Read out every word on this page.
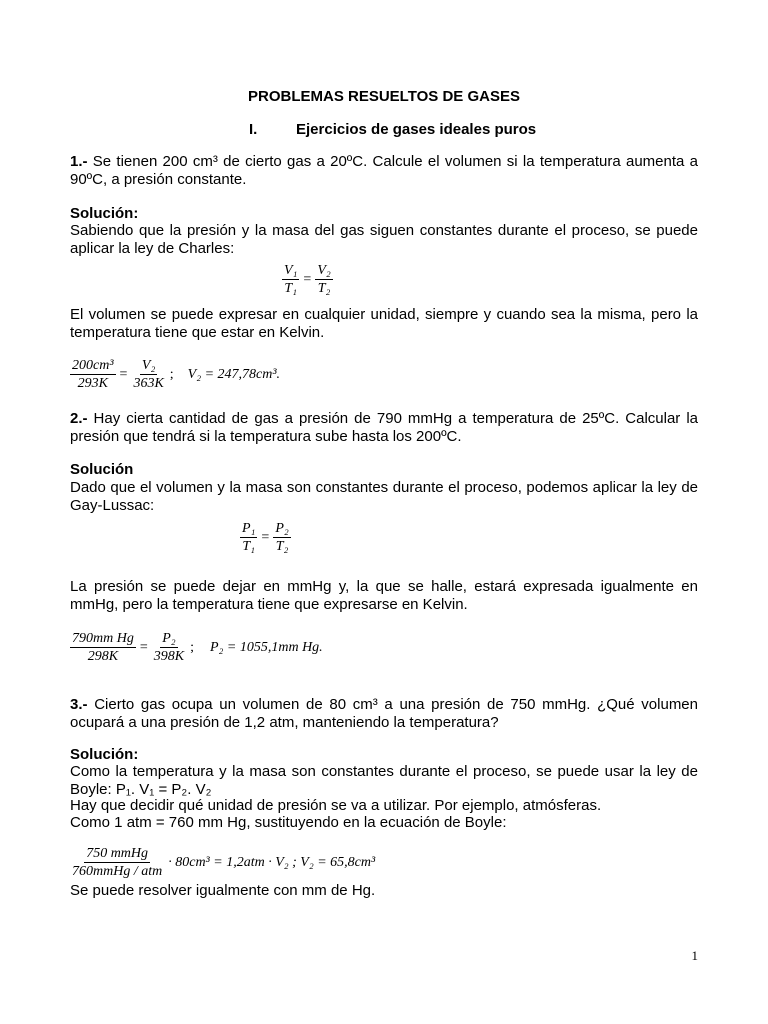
PROBLEMAS RESUELTOS DE GASES
I.	Ejercicios de gases ideales puros
1.- Se tienen 200 cm³ de cierto gas a 20ºC. Calcule el volumen si la temperatura aumenta a 90ºC, a presión constante.
Solución:
Sabiendo que la presión y la masa del gas siguen constantes durante el proceso, se puede aplicar la ley de Charles:
$\frac{\text{V₁}}{\text{T₁}} = \frac{\text{V₂}}{\text{T₂}}$
El volumen se puede expresar en cualquier unidad, siempre y cuando sea la misma, pero la temperatura tiene que estar en Kelvin.
$\frac{\text{200cm³}}{293K} = \frac{\text{V₂}}{363K}$ ; V₂ = 247,78cm³.
2.- Hay cierta cantidad de gas a presión de 790 mmHg a temperatura de 25ºC. Calcular la presión que tendrá si la temperatura sube hasta los 200ºC.
Solución
Dado que el volumen y la masa son constantes durante el proceso, podemos aplicar la ley de Gay-Lussac:
$\frac{\text{P₁}}{\text{T₁}} = \frac{\text{P₂}}{\text{T₂}}$
La presión se puede dejar en mmHg y, la que se halle, estará expresada igualmente en mmHg, pero la temperatura tiene que expresarse en Kelvin.
$\frac{\text{790mm Hg}}{298K} = \frac{\text{P₂}}{398K}$ ; P₂ = 1055,1mm Hg.
3.- Cierto gas ocupa un volumen de 80 cm³ a una presión de 750 mmHg. ¿Qué volumen ocupará a una presión de 1,2 atm, manteniendo la temperatura?
Solución:
Como la temperatura y la masa son constantes durante el proceso, se puede usar la ley de Boyle: P₁. V₁ = P₂. V₂
Hay que decidir qué unidad de presión se va a utilizar. Por ejemplo, atmósferas.
Como 1 atm = 760 mm Hg, sustituyendo en la ecuación de Boyle:
$\frac{\text{750 mmHg}}{\text{760mmHg / atm}} \cdot 80cm^3 = 1,2atm \cdot V_2$ ; V₂ = 65,8cm³
Se puede resolver igualmente con mm de Hg.
1
